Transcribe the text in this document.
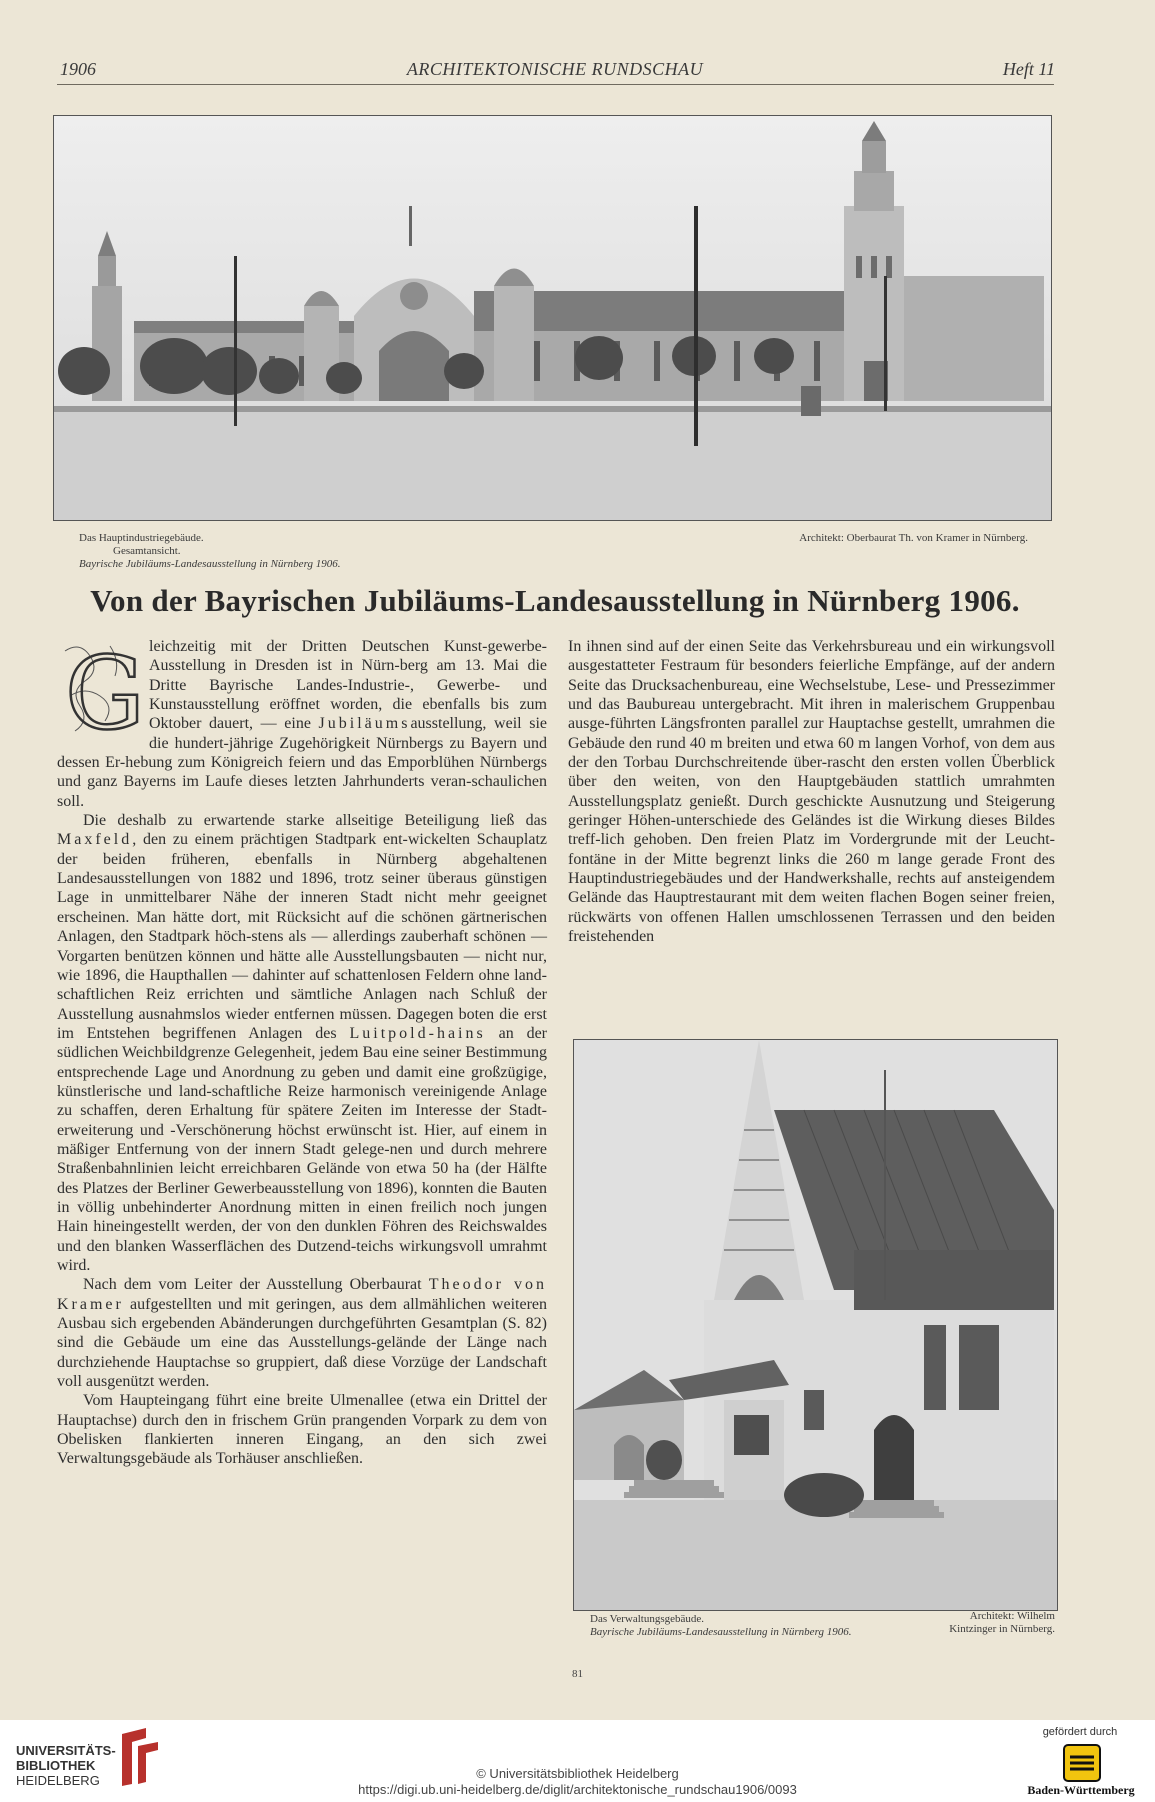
1906	ARCHITEKTONISCHE RUNDSCHAU	Heft 11
Das Hauptindustriegebäude.
Gesamtansicht.
Bayrische Jubiläums-Landesausstellung in Nürnberg 1906.
Architekt: Oberbaurat Th. von Kramer in Nürnberg.
Von der Bayrischen Jubiläums-Landesausstellung in Nürnberg 1906.
G leichzeitig mit der Dritten Deutschen Kunst-gewerbe-Ausstellung in Dresden ist in Nürn-berg am 13. Mai die Dritte Bayrische Landes-Industrie-, Gewerbe- und Kunstausstellung eröffnet worden, die ebenfalls bis zum Oktober dauert, — eine Jubiläumsausstellung, weil sie die hundert-jährige Zugehörigkeit Nürnbergs zu Bayern und dessen Er-hebung zum Königreich feiern und das Emporblühen Nürnbergs und ganz Bayerns im Laufe dieses letzten Jahrhunderts veran-schaulichen soll.

Die deshalb zu erwartende starke allseitige Beteiligung ließ das Maxfeld, den zu einem prächtigen Stadtpark ent-wickelten Schauplatz der beiden früheren, ebenfalls in Nürnberg abgehaltenen Landesausstellungen von 1882 und 1896, trotz seiner überaus günstigen Lage in unmittelbarer Nähe der inneren Stadt nicht mehr geeignet erscheinen. Man hätte dort, mit Rücksicht auf die schönen gärtnerischen Anlagen, den Stadtpark höch-stens als — allerdings zauberhaft schönen — Vorgarten benützen können und hätte alle Ausstellungsbauten — nicht nur, wie 1896, die Haupthallen — dahinter auf schattenlosen Feldern ohne land-schaftlichen Reiz errichten und sämtliche Anlagen nach Schluß der Ausstellung ausnahmslos wieder entfernen müssen. Dagegen boten die erst im Entstehen begriffenen Anlagen des Luitpold-hains an der südlichen Weichbildgrenze Gelegenheit, jedem Bau eine seiner Bestimmung entsprechende Lage und Anordnung zu geben und damit eine großzügige, künstlerische und land-schaftliche Reize harmonisch vereinigende Anlage zu schaffen, deren Erhaltung für spätere Zeiten im Interesse der Stadt-erweiterung und -Verschönerung höchst erwünscht ist. Hier, auf einem in mäßiger Entfernung von der innern Stadt gelege-nen und durch mehrere Straßenbahnlinien leicht erreichbaren Gelände von etwa 50 ha (der Hälfte des Platzes der Berliner Gewerbeausstellung von 1896), konnten die Bauten in völlig unbehinderter Anordnung mitten in einen freilich noch jungen Hain hineingestellt werden, der von den dunklen Föhren des Reichswaldes und den blanken Wasserflächen des Dutzend-teichs wirkungsvoll umrahmt wird.

Nach dem vom Leiter der Ausstellung Oberbaurat Theodor von Kramer aufgestellten und mit geringen, aus dem allmählichen weiteren Ausbau sich ergebenden Abänderungen durchgeführten Gesamtplan (S. 82) sind die Gebäude um eine das Ausstellungs-gelände der Länge nach durchziehende Hauptachse so gruppiert, daß diese Vorzüge der Landschaft voll ausgenützt werden.

Vom Haupteingang führt eine breite Ulmenallee (etwa ein Drittel der Hauptachse) durch den in frischem Grün prangenden Vorpark zu dem von Obelisken flankierten inneren Eingang, an den sich zwei Verwaltungsgebäude als Torhäuser anschließen.

In ihnen sind auf der einen Seite das Verkehrsbureau und ein wirkungsvoll ausgestatteter Festraum für besonders feierliche Empfänge, auf der andern Seite das Drucksachenbureau, eine Wechselstube, Lese- und Pressezimmer und das Baubureau untergebracht. Mit ihren in malerischem Gruppenbau ausge-führten Längsfronten parallel zur Hauptachse gestellt, umrahmen die Gebäude den rund 40 m breiten und etwa 60 m langen Vorhof, von dem aus der den Torbau Durchschreitende über-rascht den ersten vollen Überblick über den weiten, von den Hauptgebäuden stattlich umrahmten Ausstellungsplatz genießt. Durch geschickte Ausnutzung und Steigerung geringer Höhen-unterschiede des Geländes ist die Wirkung dieses Bildes treff-lich gehoben. Den freien Platz im Vordergrunde mit der Leucht-fontäne in der Mitte begrenzt links die 260 m lange gerade Front des Hauptindustriegebäudes und der Handwerkshalle, rechts auf ansteigendem Gelände das Hauptrestaurant mit dem weiten flachen Bogen seiner freien, rückwärts von offenen Hallen umschlossenen Terrassen und den beiden freistehenden

Das Verwaltungsgebäude.
Bayrische Jubiläums-Landesausstellung in Nürnberg 1906.
Architekt: Wilhelm
Kintzinger in Nürnberg.
81
UNIVERSITÄTS-
BIBLIOTHEK
HEIDELBERG	© Universitätsbibliothek Heidelberg
https://digi.ub.uni-heidelberg.de/diglit/architektonische_rundschau1906/0093
gefördert durch
Baden-Württemberg
